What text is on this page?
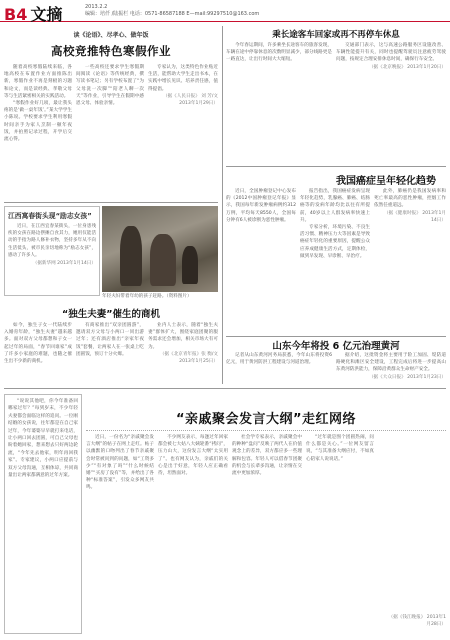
B4 文摘	2013.2.2
编辑：培仟 /陆振栏 电话：0571-86587188 E—mail:99297510@163.com
读《论语》、尽孝心、做年饭
高校竞推特色寒假作业

随着高校寒假陆续来临，各地高校在布置作业方面推陈出新，寒假作业不再是刻板的习题和论文，而是读经典、孝敬父母等与生活紧密相关的实践活动。

“寒假作业好几项，最让我头疼的是‘做一桌年饭’。”某大学学生小陈说。学校要求学生利用寒假时间亲手为家人烹制一顿年夜饭，并拍照记录过程，开学后交流心得。

一些高校还要求学生寒假期间阅读《论语》等传统经典，撰写读书笔记；另有学校布置了“为父母洗一次脚”“陪老人聊一次天”等作业，引导学生在假期中感恩父母、体验亲情。

专家认为，这类特色作业贴近生活，能帮助大学生走出书本，在实践中增长见识、培养责任感，值得提倡。

（据《人民日报》 刘 芳/文 2013年1月29日）
江西寓春街头现“励志女孩”
近日，在江西宜春某街头，一位身患残疾的女孩在路边摆摊自食其力，她用仅能活动的手指为路人修补衣物，坚持多年从不向生活低头，被市民亲切地称为“励志女孩”，感动了许多人。
（据新华网 2013年1月14日）
年轻夫妇带着年幼的孩子赶路。（资料图片）
“独生夫妻”催生的商机

如今，独生子女一代陆续步入婚育年龄，“独生夫妻”越来越多。面对双方父母都想和子女一起过年的局面，“春节回谁家”成了许多小家庭的难题，也随之催生出不少新的商机。

有商家推出“双亲团圆游”，邀请双方父母与小两口一同出游过年；还有酒店推出“亲家年夜饭”套餐，让两家人在一张桌上吃团圆饭，预订十分火爆。

业内人士表示，随着“独生夫妻”群体扩大，围绕家庭团聚的服务需求还会增加，相关市场大有可为。

（据《北京青年报》张 衡/文 2013年1月25日）
乘长途客车回家或再不再停车休息

今年春运期间，许多乘坐长途客车的旅客发现，车辆在途中停靠休息的次数明显减少，部分线路更是一路直达，让出行时间大大缩短。

交通部门表示，这与高速公路服务区设施改善、车辆性能提升有关，同时也提醒驾驶员注意疲劳驾驶问题，按规定合理安排休息时间，确保行车安全。

（据《北京晚报》 2013年1月20日）
我国癌症呈年轻化趋势

近日，全国肿瘤登记中心发布的《2012中国肿瘤登记年报》显示，我国每年新发肿瘤病例约312万例，平均每天8550人，全国每分钟有6人被诊断为恶性肿瘤。

报告指出，我国癌症发病呈现年轻化趋势，乳腺癌、肺癌、结肠癌等的发病年龄均比以往有所提前，40岁以上人群发病率快速上升。

专家分析，环境污染、不良生活习惯、精神压力大等因素是导致癌症年轻化的重要原因，提醒公众应养成健康生活方式，定期体检，做到早发现、早诊断、早治疗。

此外，肺癌仍是我国发病率和死亡率最高的恶性肿瘤，控烟工作依然任重道远。

（据《健康时报》 2013年1月14日）
山东今年将投 6 亿元治理黄河

记者从山东黄河河务局获悉，今年山东将投资6亿元，用于黄河防洪工程建设与河道治理。

据介绍，这批资金将主要用于险工加固、堤防道路硬化和滩区安全建设，工程完成后将进一步提高山东黄河防洪能力，保障沿黄群众生命财产安全。

（据《大众日报》 2013年1月23日）
“说说其他吧，你今年准备回哪家过年？”每到岁末，不少年轻夫妻都会面临这样的追问。一位刚结婚的女孩说，往年都是在自己家过年，今年婆婆早早就打来电话，让小两口回去团圆，可自己父母也盼着她回家，想来想去只好两边轮流，“今年先去他家，明年再回我家”。专家建议，小两口应提前与双方父母沟通，互相体谅，共同商量出让两家都满意的过年方案。
“亲戚聚会发言大纲”走红网络

近日，一份名为“亲戚聚会发言大纲”的帖子在网上走红。帖子以幽默的口吻列出了春节亲戚聚会时常被问到的问题，如“工资多少”“有对象了吗”“什么时候结婚”“买房了没有”等，并给出了各种“标准答案”，引发众多网友共鸣。

不少网友表示，每逢过年回家都会被七大姑八大姨轮番“拷问”，压力山大，这份发言大纲“太实用了”。也有网友认为，亲戚们的关心是出于好意，年轻人应正确看待，坦然面对。

社会学专家表示，亲戚聚会中的种种“盘问”反映了两代人在价值观念上的差异，双方都应多一些理解和包容。年轻人可以借春节团聚的机会与长辈多沟通，让亲情在交流中更加浓厚。

“过年就是图个团圆热闹，问什么都是关心。”一位网友留言说，“与其准备大纲应付，不如真心陪家人说说话。”

（据《钱江晚报》 2013年1月28日）
